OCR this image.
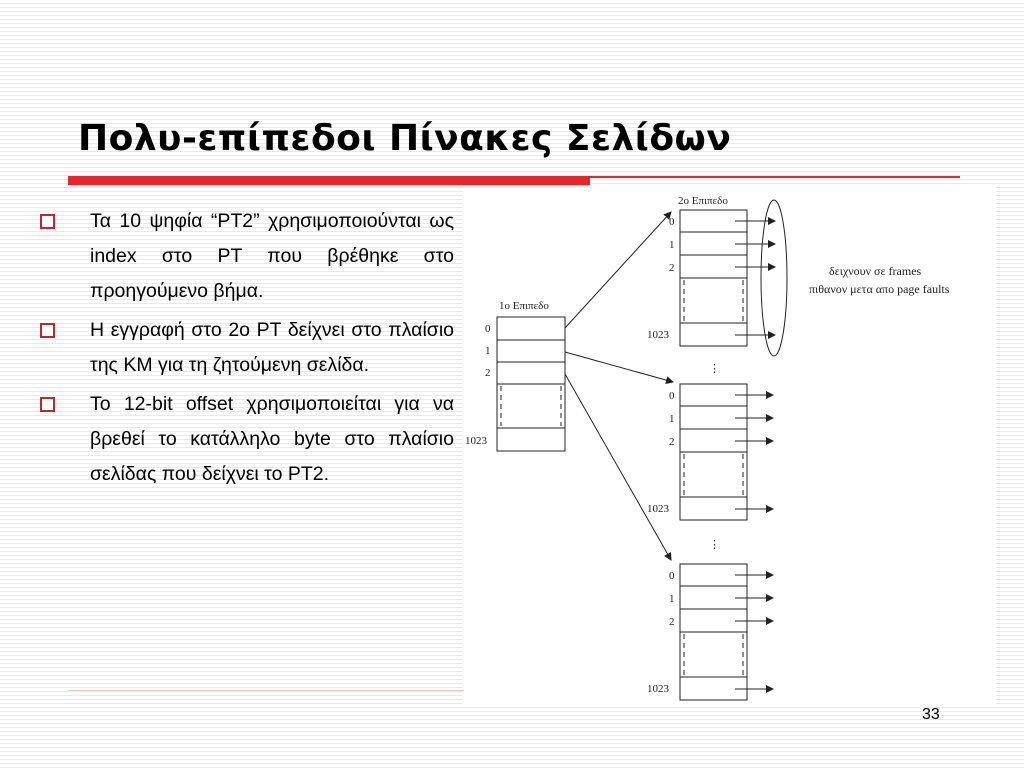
Πολυ-επίπεδοι Πίνακες Σελίδων
Τα 10 ψηφία “PT2” χρησιμοποιούνται ως index στο PT που βρέθηκε στο προηγούμενο βήμα.
Η εγγραφή στο 2ο PT δείχνει στο πλαίσιο της ΚΜ για τη ζητούμενη σελίδα.
Το 12-bit offset χρησιμοποιείται για να βρεθεί το κατάλληλο byte στο πλαίσιο σελίδας που δείχνει το PT2.
1ο Επιπεδο
0
1
2
1023
2ο Επιπεδο
0
1
2
1023
δειχνουν σε frames
πιθανον μετα απο page faults
⋮
0
1
2
1023
⋮
0
1
2
1023
33
